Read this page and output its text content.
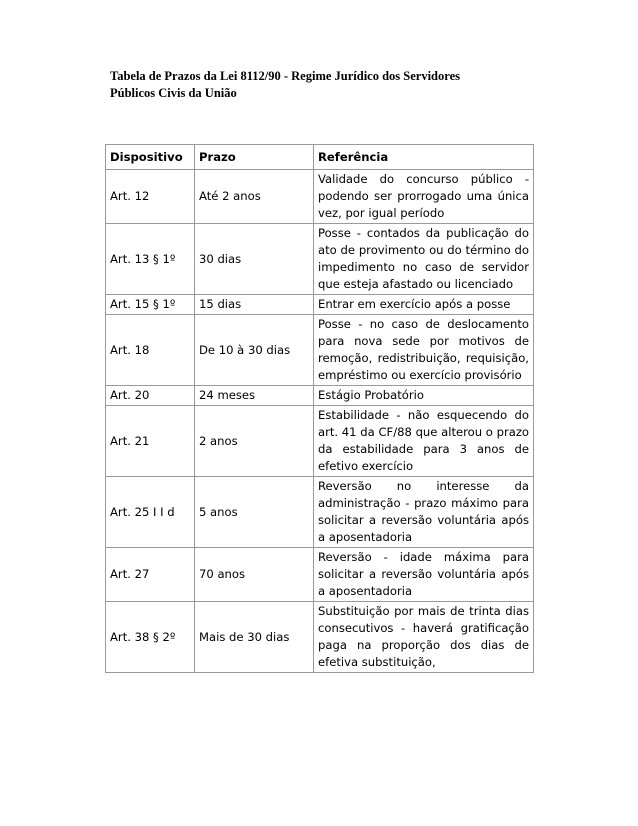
Tabela de Prazos da Lei 8112/90 - Regime Jurídico dos Servidores
Públicos Civis da União
Dispositivo	Prazo	Referência
Art. 12	Até 2 anos	Validade do concurso público - podendo ser prorrogado uma única vez, por igual período
Art. 13 § 1º	30 dias	Posse - contados da publicação do ato de provimento ou do término do impedimento no caso de servidor que esteja afastado ou licenciado
Art. 15 § 1º	15 dias	Entrar em exercício após a posse
Art. 18	De 10 à 30 dias	Posse - no caso de deslocamento para nova sede por motivos de remoção, redistribuição, requisição, empréstimo ou exercício provisório
Art. 20	24 meses	Estágio Probatório
Art. 21	2 anos	Estabilidade - não esquecendo do art. 41 da CF/88 que alterou o prazo da estabilidade para 3 anos de efetivo exercício
Art. 25 I I d	5 anos	Reversão no interesse da administração - prazo máximo para solicitar a reversão voluntária após a aposentadoria
Art. 27	70 anos	Reversão - idade máxima para solicitar a reversão voluntária após a aposentadoria
Art. 38 § 2º	Mais de 30 dias	Substituição por mais de trinta dias consecutivos - haverá gratificação paga na proporção dos dias de efetiva substituição,
